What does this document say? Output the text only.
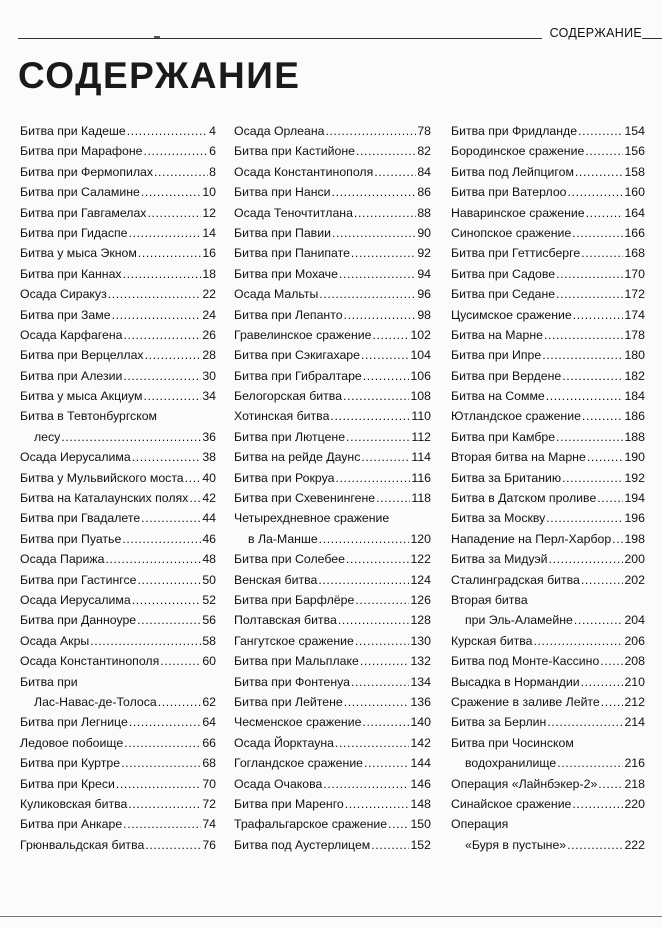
СОДЕРЖАНИЕ
СОДЕРЖАНИЕ
Битва при Кадеше .....	4
Битва при Марафоне .....	6
Битва при Фермопилах .....	8
Битва при Саламине .....	10
Битва при Гавгамелах .....	12
Битва при Гидаспе .....	14
Битва у мыса Экном .....	16
Битва при Каннах .....	18
Осада Сиракуз .....	22
Битва при Заме .....	24
Осада Карфагена .....	26
Битва при Верцеллах .....	28
Битва при Алезии .....	30
Битва у мыса Акциум .....	34
Битва в Тевтонбургском
лесу .....	36
Осада Иерусалима .....	38
Битва у Мульвийского моста ..... 40
Битва на Каталаунских полях ..... 42
Битва при Гвадалете .....	44
Битва при Пуатье .....	46
Осада Парижа .....	48
Битва при Гастингсе .....	50
Осада Иерусалима .....	52
Битва при Данноуре .....	56
Осада Акры .....	58
Осада Константинополя .....	60
Битва при
Лас-Навас-де-Толоса .....	62
Битва при Легнице .....	64
Ледовое побоище .....	66
Битва при Куртре .....	68
Битва при Креси .....	70
Куликовская битва .....	72
Битва при Анкаре .....	74
Грюнвальдская битва .....	76
Осада Орлеана .....	78
Битва при Кастийоне .....	82
Осада Константинополя .....	84
Битва при Нанси .....	86
Осада Теночтитлана .....	88
Битва при Павии .....	90
Битва при Панипате .....	92
Битва при Мохаче .....	94
Осада Мальты .....	96
Битва при Лепанто .....	98
Гравелинское сражение .....	102
Битва при Сэкигахаре .....	104
Битва при Гибралтаре .....	106
Белогорская битва .....	108
Хотинская битва .....	110
Битва при Лютцене .....	112
Битва на рейде Даунс .....	114
Битва при Рокруа .....	116
Битва при Схевенингене .....	118
Четырехдневное сражение
в Ла-Манше .....	120
Битва при Солебее .....	122
Венская битва .....	124
Битва при Барфлёре .....	126
Полтавская битва .....	128
Гангутское сражение .....	130
Битва при Мальплаке .....	132
Битва при Фонтенуа .....	134
Битва при Лейтене .....	136
Чесменское сражение .....	140
Осада Йорктауна .....	142
Гогландское сражение .....	144
Осада Очакова .....	146
Битва при Маренго .....	148
Трафальгарское сражение ..... 150
Битва под Аустерлицем .....	152
Битва при Фридланде .....	154
Бородинское сражение .....	156
Битва под Лейпцигом .....	158
Битва при Ватерлоо .....	160
Наваринское сражение .....	164
Синопское сражение .....	166
Битва при Геттисберге .....	168
Битва при Садове .....	170
Битва при Седане .....	172
Цусимское сражение .....	174
Битва на Марне .....	178
Битва при Ипре .....	180
Битва при Вердене .....	182
Битва на Сомме .....	184
Ютландское сражение .....	186
Битва при Камбре .....	188
Вторая битва на Марне .....	190
Битва за Британию .....	192
Битва в Датском проливе ..... 194
Битва за Москву .....	196
Нападение на Перл-Харбор ..... 198
Битва за Мидуэй .....	200
Сталинградская битва .....	202
Вторая битва
при Эль-Аламейне .....	204
Курская битва .....	206
Битва под Монте-Кассино ..... 208
Высадка в Нормандии .....	210
Сражение в заливе Лейте ..... 212
Битва за Берлин .....	214
Битва при Чосинском
водохранилище .....	216
Операция «Лайнбэкер-2» ..... 218
Синайское сражение .....	220
Операция
«Буря в пустыне» .....	222
